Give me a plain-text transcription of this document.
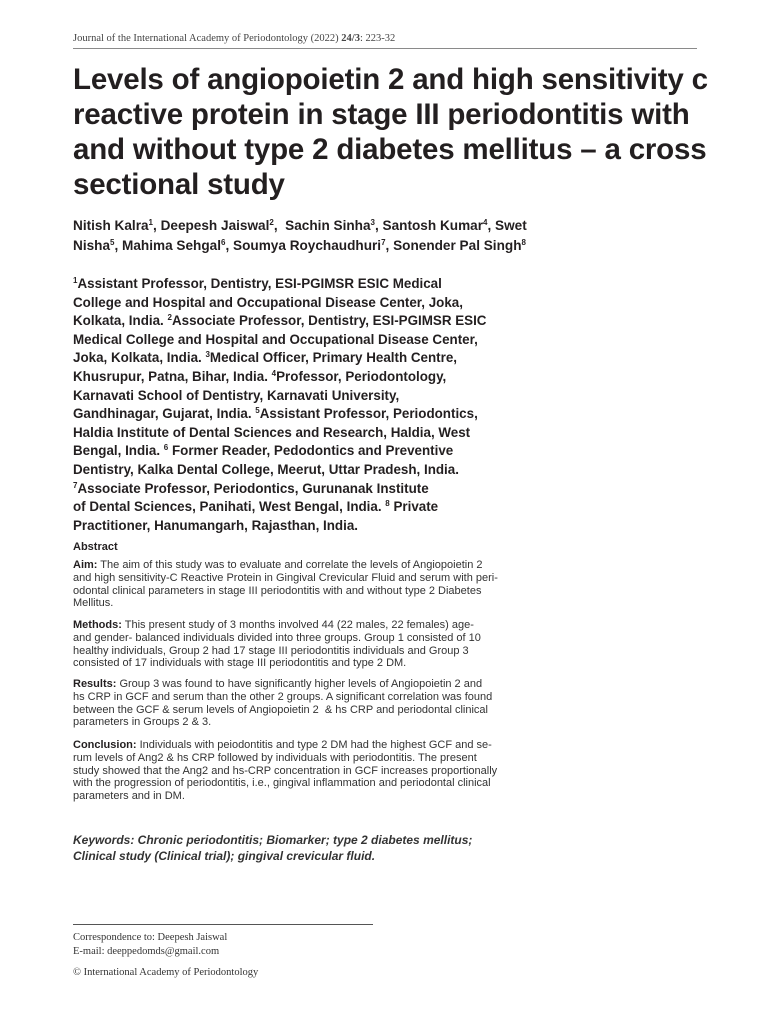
Journal of the International Academy of Periodontology (2022) 24/3: 223-32
Levels of angiopoietin 2 and high sensitivity c
reactive protein in stage III periodontitis with
and without type 2 diabetes mellitus – a cross
sectional study
Nitish Kalra$^1$, Deepesh Jaiswal$^2$,  Sachin Sinha$^3$, Santosh Kumar$^4$, Swet
Nisha$^5$, Mahima Sehgal$^6$, Soumya Roychaudhuri$^7$, Sonender Pal Singh$^8$
$^1$Assistant Professor, Dentistry, ESI-PGIMSR ESIC Medical
College and Hospital and Occupational Disease Center, Joka,
Kolkata, India. $^2$Associate Professor, Dentistry, ESI-PGIMSR ESIC
Medical College and Hospital and Occupational Disease Center,
Joka, Kolkata, India. $^3$Medical Officer, Primary Health Centre,
Khusrupur, Patna, Bihar, India. $^4$Professor, Periodontology,
Karnavati School of Dentistry, Karnavati University,
Gandhinagar, Gujarat, India. $^5$Assistant Professor, Periodontics,
Haldia Institute of Dental Sciences and Research, Haldia, West
Bengal, India. $^6$ Former Reader, Pedodontics and Preventive
Dentistry, Kalka Dental College, Meerut, Uttar Pradesh, India.
$^7$Associate Professor, Periodontics, Gurunanak Institute
of Dental Sciences, Panihati, West Bengal, India. $^8$ Private
Practitioner, Hanumangarh, Rajasthan, India.
Abstract
Aim: The aim of this study was to evaluate and correlate the levels of Angiopoietin 2
and high sensitivity-C Reactive Protein in Gingival Crevicular Fluid and serum with peri-
odontal clinical parameters in stage III periodontitis with and without type 2 Diabetes
Mellitus.
Methods: This present study of 3 months involved 44 (22 males, 22 females) age-
and gender- balanced individuals divided into three groups. Group 1 consisted of 10
healthy individuals, Group 2 had 17 stage III periodontitis individuals and Group 3
consisted of 17 individuals with stage III periodontitis and type 2 DM.
Results: Group 3 was found to have significantly higher levels of Angiopoietin 2 and
hs CRP in GCF and serum than the other 2 groups. A significant correlation was found
between the GCF & serum levels of Angiopoietin 2  & hs CRP and periodontal clinical
parameters in Groups 2 & 3.
Conclusion: Individuals with peiodontitis and type 2 DM had the highest GCF and se-
rum levels of Ang2 & hs CRP followed by individuals with periodontitis. The present
study showed that the Ang2 and hs-CRP concentration in GCF increases proportionally
with the progression of periodontitis, i.e., gingival inflammation and periodontal clinical
parameters and in DM.
Keywords: Chronic periodontitis; Biomarker; type 2 diabetes mellitus;
Clinical study (Clinical trial); gingival crevicular fluid.
Correspondence to: Deepesh Jaiswal
E-mail: deeppedomds@gmail.com
© International Academy of Periodontology
